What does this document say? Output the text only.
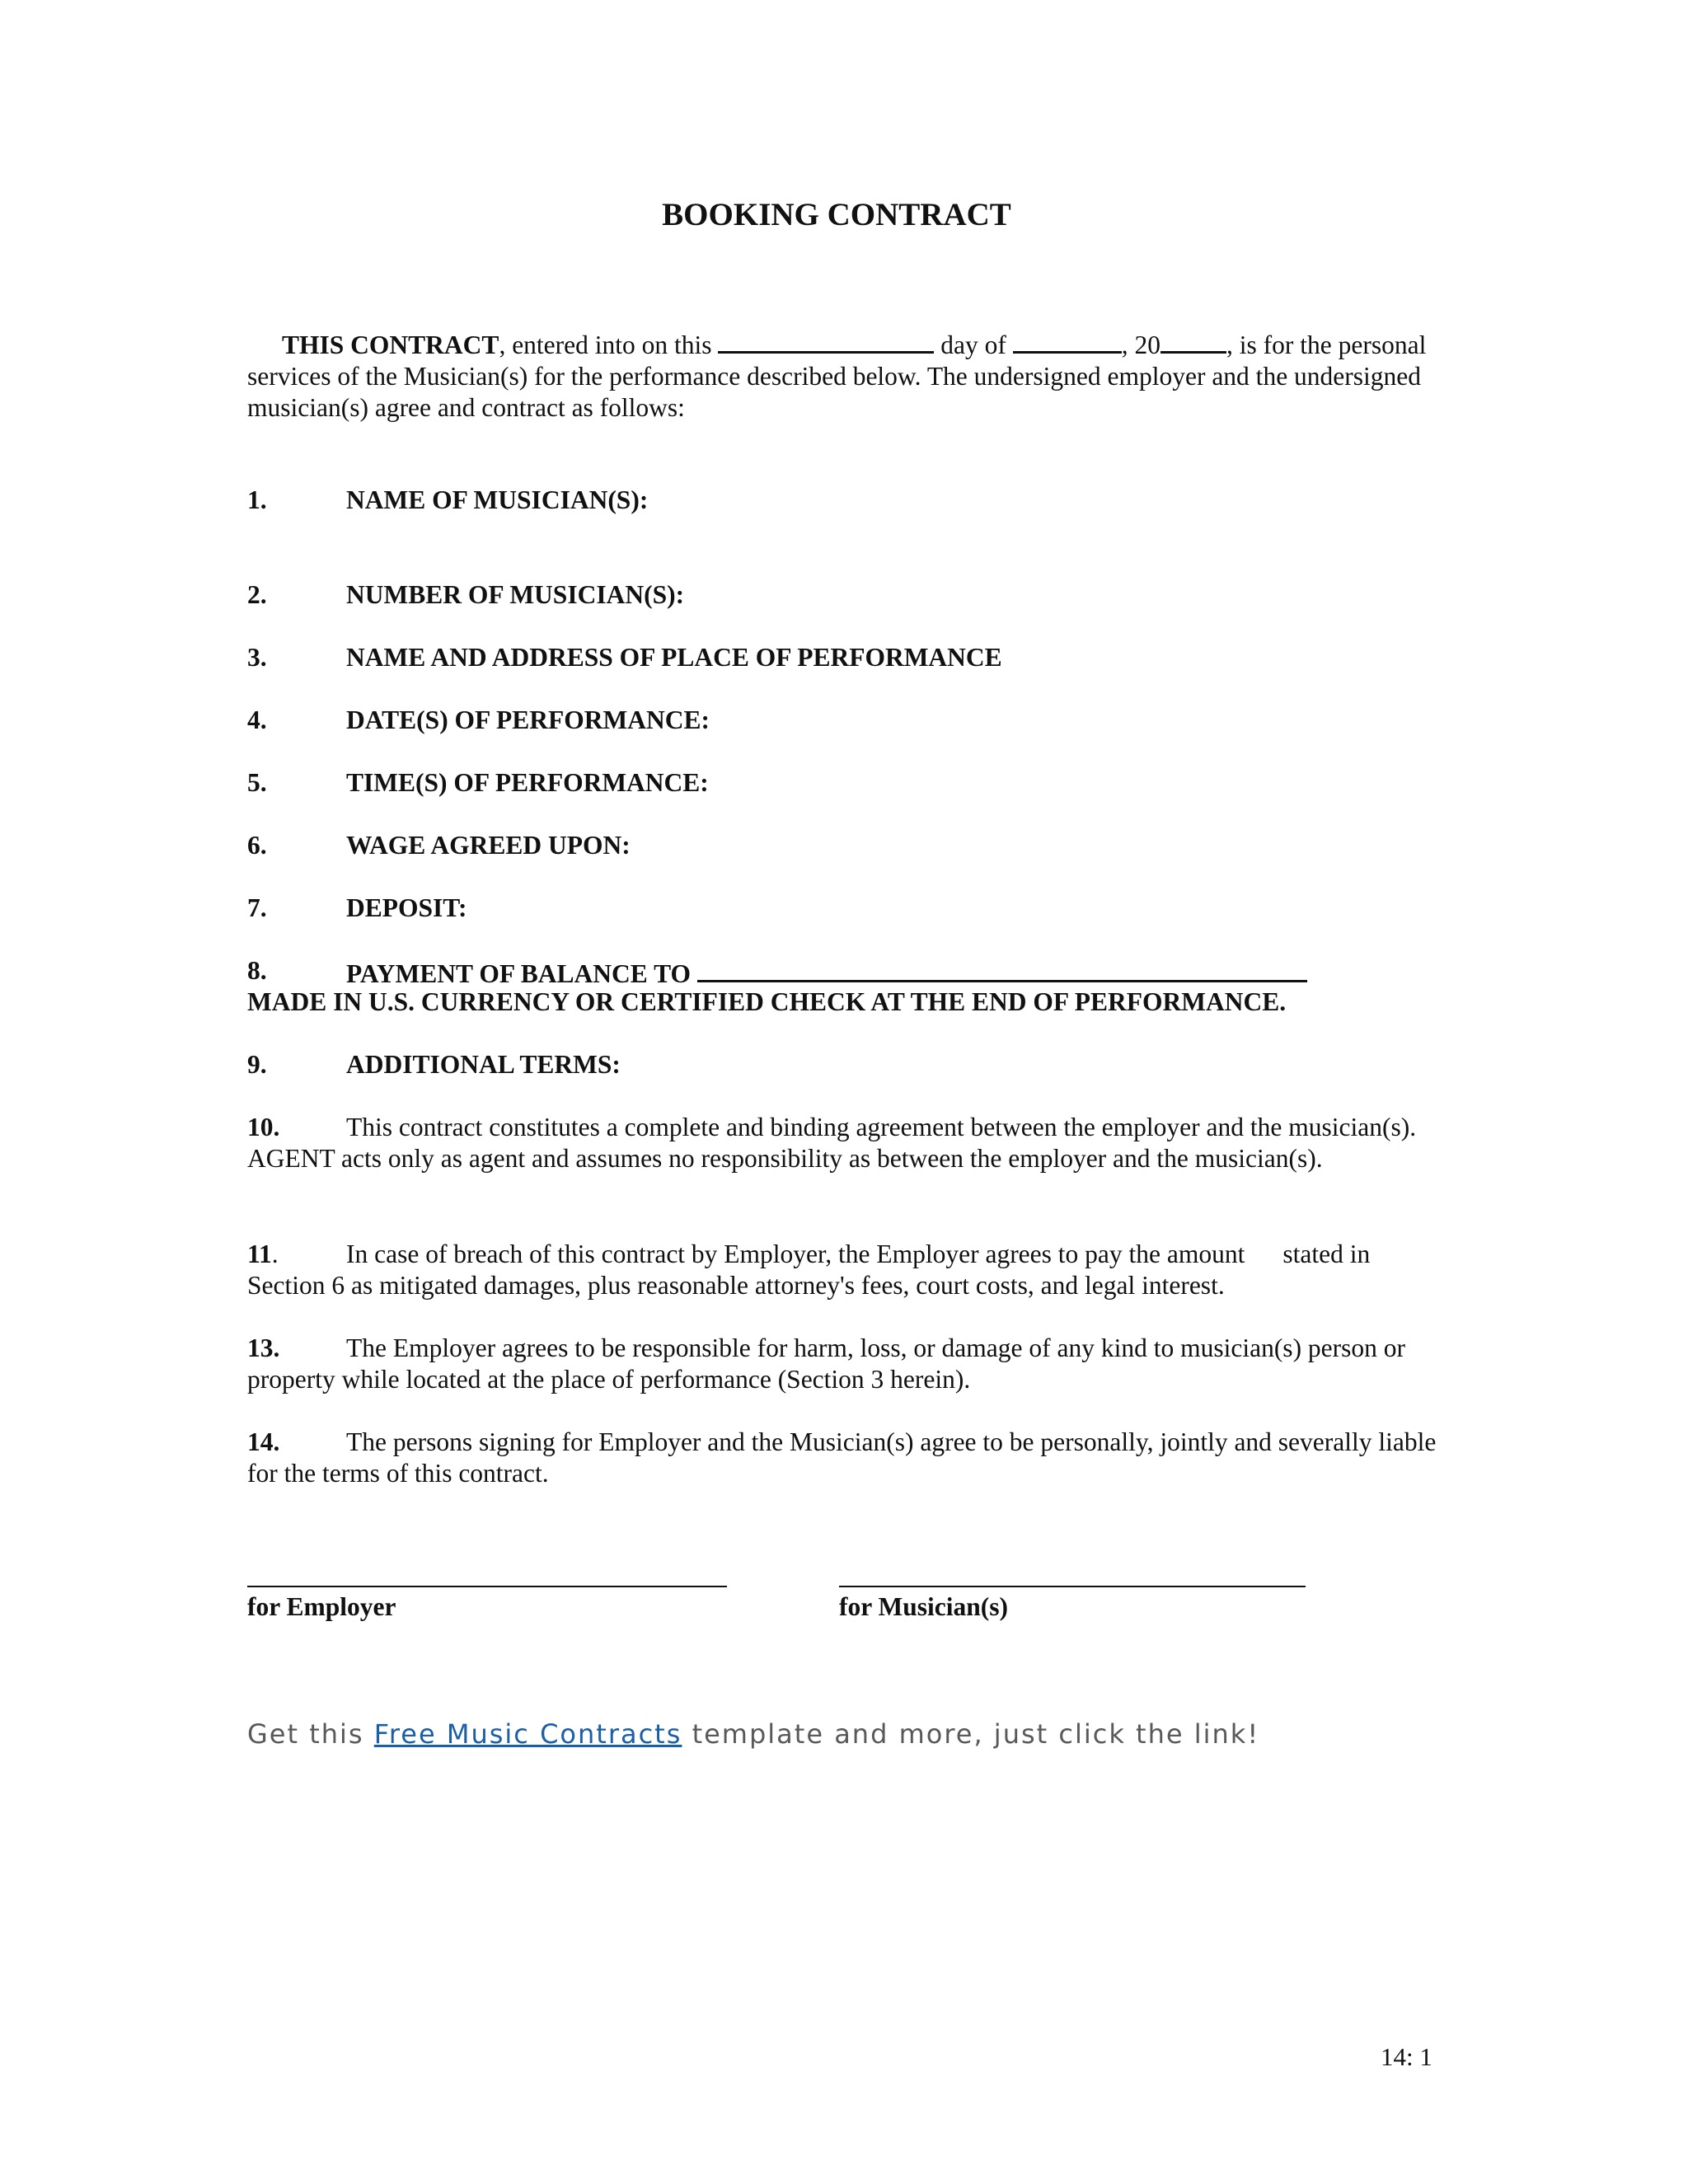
BOOKING CONTRACT

THIS CONTRACT, entered into on this	day of	, 20	, is for the personal services of the Musician(s) for the performance described below. The undersigned employer and the undersigned musician(s) agree and contract as follows:

1.	NAME OF MUSICIAN(S):
2.	NUMBER OF MUSICIAN(S):
3.	NAME AND ADDRESS OF PLACE OF PERFORMANCE
4.	DATE(S) OF PERFORMANCE:
5.	TIME(S) OF PERFORMANCE:
6.	WAGE AGREED UPON:
7.	DEPOSIT:
8.	PAYMENT OF BALANCE TO
MADE IN U.S. CURRENCY OR CERTIFIED CHECK AT THE END OF PERFORMANCE.
9.	ADDITIONAL TERMS:

10.	This contract constitutes a complete and binding agreement between the employer and the musician(s). AGENT acts only as agent and assumes no responsibility as between the employer and the musician(s).

11.	In case of breach of this contract by Employer, the Employer agrees to pay the amount stated in Section 6 as mitigated damages, plus reasonable attorney's fees, court costs, and legal interest.

13.	The Employer agrees to be responsible for harm, loss, or damage of any kind to musician(s) person or property while located at the place of performance (Section 3 herein).

14.	The persons signing for Employer and the Musician(s) agree to be personally, jointly and severally liable for the terms of this contract.

for Employer	for Musician(s)
Get this Free Music Contracts template and more, just click the link!
14: 1
